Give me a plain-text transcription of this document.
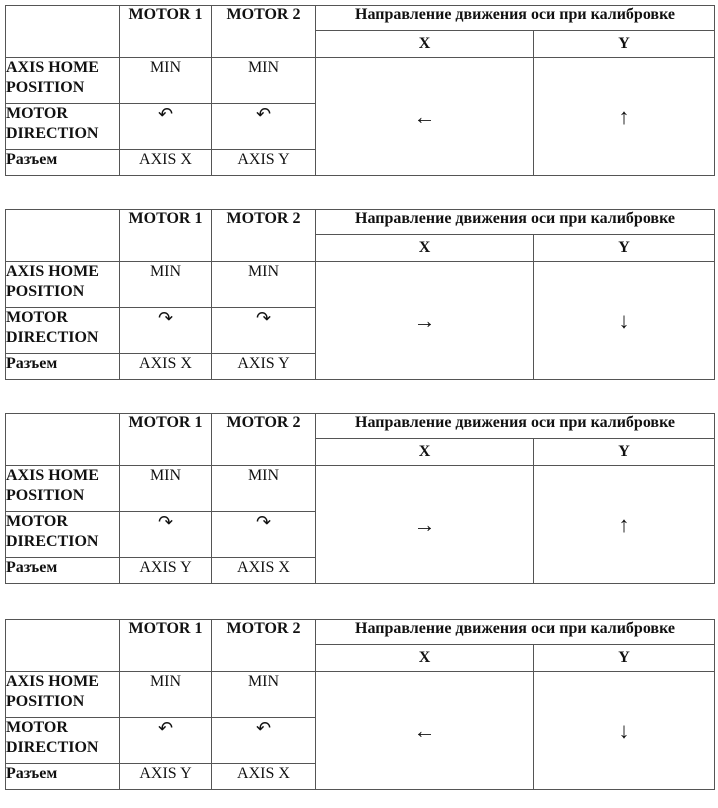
	MOTOR 1	MOTOR 2	Направление движения оси при калибровке	
			X	Y
AXIS HOME POSITION	MIN	MIN	←	↑
MOTOR DIRECTION	↶	↶		
Разъем	AXIS X	AXIS Y		
	MOTOR 1	MOTOR 2	Направление движения оси при калибровке	
			X	Y
AXIS HOME POSITION	MIN	MIN	→	↓
MOTOR DIRECTION	↷	↷		
Разъем	AXIS X	AXIS Y		
	MOTOR 1	MOTOR 2	Направление движения оси при калибровке	
			X	Y
AXIS HOME POSITION	MIN	MIN	→	↑
MOTOR DIRECTION	↷	↷		
Разъем	AXIS Y	AXIS X		
	MOTOR 1	MOTOR 2	Направление движения оси при калибровке	
			X	Y
AXIS HOME POSITION	MIN	MIN	←	↓
MOTOR DIRECTION	↶	↶		
Разъем	AXIS Y	AXIS X		
